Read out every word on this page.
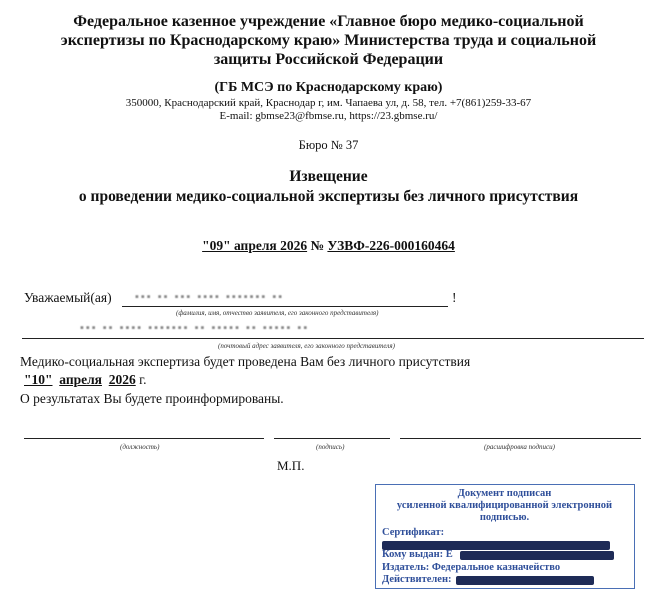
Федеральное казенное учреждение «Главное бюро медико-социальной
экспертизы по Краснодарскому краю» Министерства труда и социальной
защиты Российской Федерации
(ГБ МСЭ по Краснодарскому краю)
350000, Краснодарский край, Краснодар г, им. Чапаева ул, д. 58, тел. +7(861)259-33-67
E-mail: gbmse23@fbmse.ru, https://23.gbmse.ru/
Бюро № 37
Извещение
о проведении медико-социальной экспертизы без личного присутствия
"09" апреля 2026 № УЗВФ-226-000160464
Уважаемый(ая) ▪▪▪ ▪▪ ▪▪▪ ▪▪▪▪ ▪▪▪▪▪▪▪ ▪▪	!
(фамилия, имя, отчество заявителя, его законного представителя)
▪▪▪ ▪▪ ▪▪▪▪ ▪▪▪▪▪▪▪ ▪▪ ▪▪▪▪▪ ▪▪ ▪▪▪▪▪ ▪▪
(почтовый адрес заявителя, его законного представителя)
Медико-социальная экспертиза будет проведена Вам без личного присутствия
"10" апреля 2026 г.
О результатах Вы будете проинформированы.
(должность)	(подпись)	(расшифровка подписи)
М.П.
Документ подписан
усиленной квалифицированной электронной
подписью.
Сертификат:
Кому выдан: Е
Издатель: Федеральное казначейство
Действителен:
